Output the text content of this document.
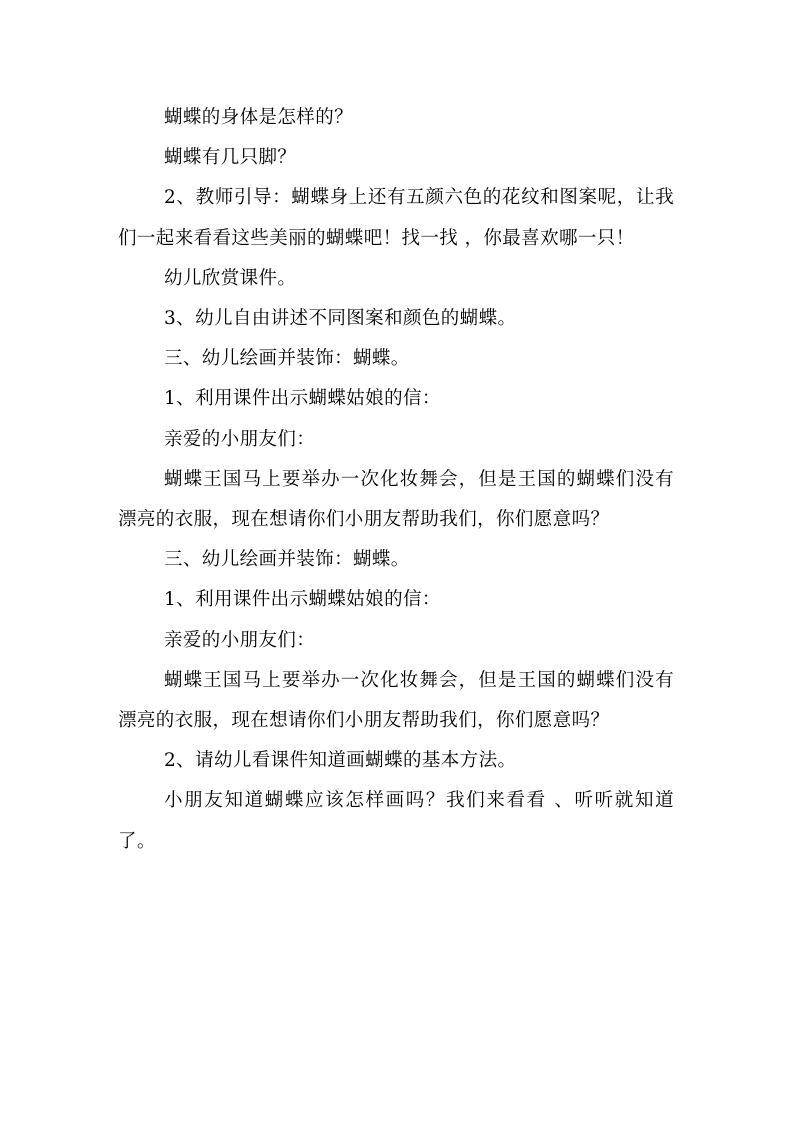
蝴蝶的身体是怎样的？

蝴蝶有几只脚？

2、教师引导：蝴蝶身上还有五颜六色的花纹和图案呢，让我们一起来看看这些美丽的蝴蝶吧！找一找 ，你最喜欢哪一只！

幼儿欣赏课件。

3、幼儿自由讲述不同图案和颜色的蝴蝶。

三、幼儿绘画并装饰：蝴蝶。

1、利用课件出示蝴蝶姑娘的信：

亲爱的小朋友们：

蝴蝶王国马上要举办一次化妆舞会，但是王国的蝴蝶们没有漂亮的衣服，现在想请你们小朋友帮助我们，你们愿意吗？

三、幼儿绘画并装饰：蝴蝶。

1、利用课件出示蝴蝶姑娘的信：

亲爱的小朋友们：

蝴蝶王国马上要举办一次化妆舞会，但是王国的蝴蝶们没有漂亮的衣服，现在想请你们小朋友帮助我们，你们愿意吗？

2、请幼儿看课件知道画蝴蝶的基本方法。

小朋友知道蝴蝶应该怎样画吗？我们来看看 、听听就知道了。
